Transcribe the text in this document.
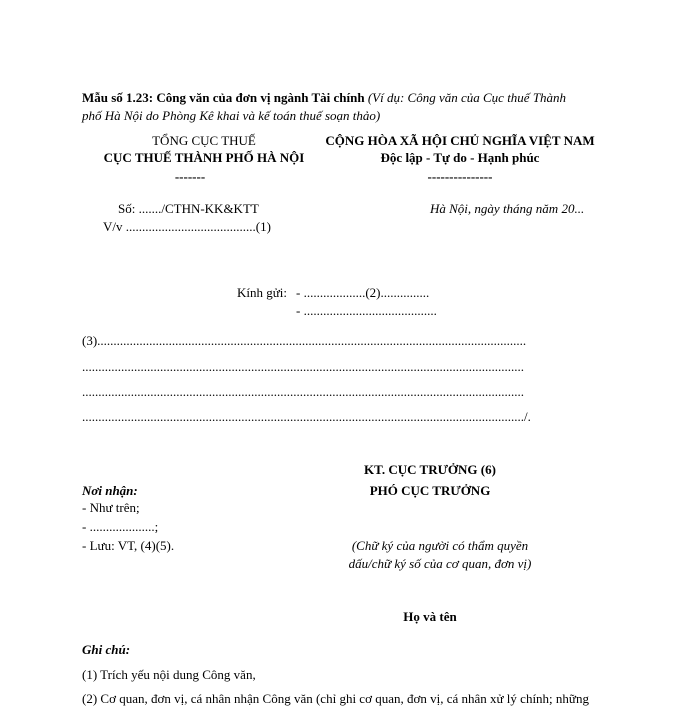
Mẫu số 1.23: Công văn của đơn vị ngành Tài chính (Ví dụ: Công văn của Cục thuế Thành
phố Hà Nội do Phòng Kê khai và kế toán thuế soạn thảo)
TỔNG CỤC THUẾ
CỤC THUẾ THÀNH PHỐ HÀ NỘI
-------
CỘNG HÒA XÃ HỘI CHỦ NGHĨA VIỆT NAM
Độc lập - Tự do - Hạnh phúc
---------------
Số: ......./CTHN-KK&KTT
V/v ........................................(1)
Hà Nội, ngày tháng năm 20...
Kính gửi: - ...................(2)...............
- .........................................
(3)....................................................................................................................................
........................................................................................................................................
........................................................................................................................................
......................................................................................................................................../.
KT. CỤC TRƯỞNG (6)
PHÓ CỤC TRƯỞNG
(Chữ ký của người có thẩm quyền
dấu/chữ ký số của cơ quan, đơn vị)
Họ và tên
Nơi nhận:
- Như trên;
- ....................;
- Lưu: VT, (4)(5).
Ghi chú:
(1) Trích yếu nội dung Công văn,
(2) Cơ quan, đơn vị, cá nhân nhận Công văn (chỉ ghi cơ quan, đơn vị, cá nhân xử lý chính; những
